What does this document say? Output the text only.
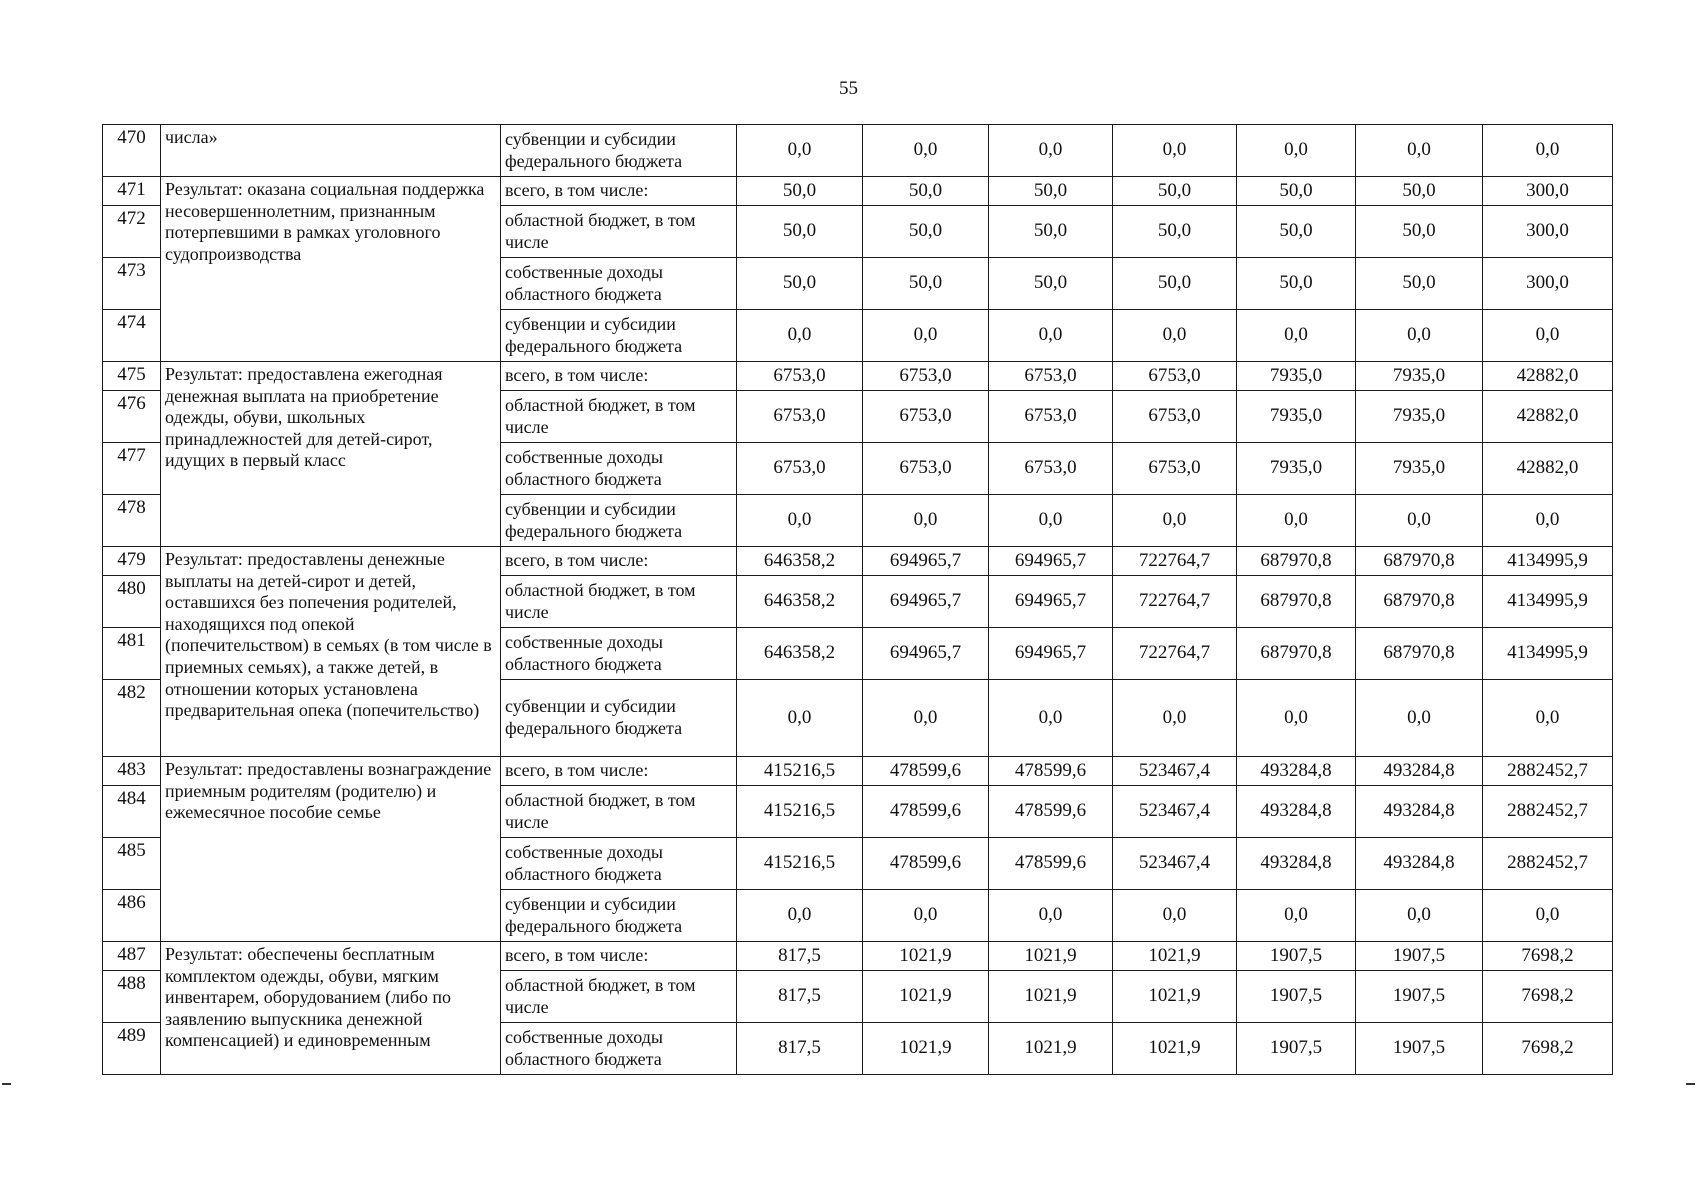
55
470	числа»	субвенции и субсидии федерального бюджета	0,0	0,0	0,0	0,0	0,0	0,0	0,0
471	Результат: оказана социальная поддержка несовершеннолетним, признанным потерпевшими в рамках уголовного судопроизводства	всего, в том числе:	50,0	50,0	50,0	50,0	50,0	50,0	300,0
472		областной бюджет, в том числе	50,0	50,0	50,0	50,0	50,0	50,0	300,0
473		собственные доходы областного бюджета	50,0	50,0	50,0	50,0	50,0	50,0	300,0
474		субвенции и субсидии федерального бюджета	0,0	0,0	0,0	0,0	0,0	0,0	0,0
475	Результат: предоставлена ежегодная денежная выплата на приобретение одежды, обуви, школьных принадлежностей для детей-сирот, идущих в первый класс	всего, в том числе:	6753,0	6753,0	6753,0	6753,0	7935,0	7935,0	42882,0
476		областной бюджет, в том числе	6753,0	6753,0	6753,0	6753,0	7935,0	7935,0	42882,0
477		собственные доходы областного бюджета	6753,0	6753,0	6753,0	6753,0	7935,0	7935,0	42882,0
478		субвенции и субсидии федерального бюджета	0,0	0,0	0,0	0,0	0,0	0,0	0,0
479	Результат: предоставлены денежные выплаты на детей-сирот и детей, оставшихся без попечения родителей, находящихся под опекой (попечительством) в семьях (в том числе в приемных семьях), а также детей, в отношении которых установлена предварительная опека (попечительство)	всего, в том числе:	646358,2	694965,7	694965,7	722764,7	687970,8	687970,8	4134995,9
480		областной бюджет, в том числе	646358,2	694965,7	694965,7	722764,7	687970,8	687970,8	4134995,9
481		собственные доходы областного бюджета	646358,2	694965,7	694965,7	722764,7	687970,8	687970,8	4134995,9
482		субвенции и субсидии федерального бюджета	0,0	0,0	0,0	0,0	0,0	0,0	0,0
483	Результат: предоставлены вознаграждение приемным родителям (родителю) и ежемесячное пособие семье	всего, в том числе:	415216,5	478599,6	478599,6	523467,4	493284,8	493284,8	2882452,7
484		областной бюджет, в том числе	415216,5	478599,6	478599,6	523467,4	493284,8	493284,8	2882452,7
485		собственные доходы областного бюджета	415216,5	478599,6	478599,6	523467,4	493284,8	493284,8	2882452,7
486		субвенции и субсидии федерального бюджета	0,0	0,0	0,0	0,0	0,0	0,0	0,0
487	Результат: обеспечены бесплатным комплектом одежды, обуви, мягким инвентарем, оборудованием (либо по заявлению выпускника денежной компенсацией) и единовременным	всего, в том числе:	817,5	1021,9	1021,9	1021,9	1907,5	1907,5	7698,2
488		областной бюджет, в том числе	817,5	1021,9	1021,9	1021,9	1907,5	1907,5	7698,2
489		собственные доходы областного бюджета	817,5	1021,9	1021,9	1021,9	1907,5	1907,5	7698,2
